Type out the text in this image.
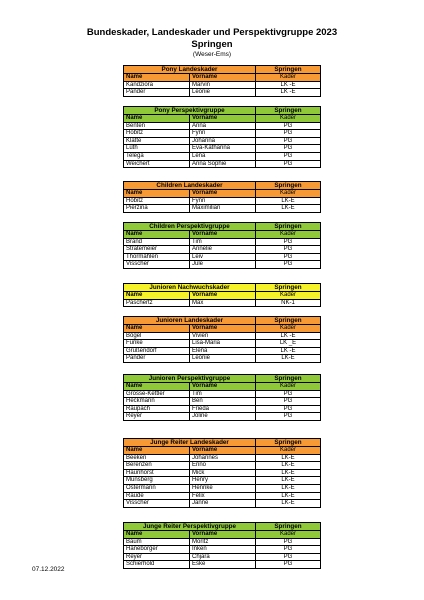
Bundeskader, Landeskader und Perspektivgruppe 2023
Springen
(Weser-Ems)
Pony Landeskader		Springen
Name	Vorname	Kader
Kandziora	Marvin	LK -E
Pander	Leonie	LK -E
Pony Perspektivgruppe		Springen
Name	Vorname	Kader
Benten	Anna	PG
Hobitz	Fynn	PG
Klatte	Johanna	PG
Lüth	Eva-Katharina	PG
Telega	Lena	PG
Weichert	Anna Sophie	PG
Children Landeskader		Springen
Name	Vorname	Kader
Hobitz	Fynn	LK-E
Pierzina	Maximilian	LK-E
Children Perspektivgruppe		Springen
Name	Vorname	Kader
Brand	Tim	PG
Stratemeier	Annelie	PG
Thormählen	Leiv	PG
Visscher	Jule	PG
Junioren Nachwuchskader		Springen
Name	Vorname	Kader
Paschertz	Max	NK-1
Junioren Landeskader		Springen
Name	Vorname	Kader
Bögel	Vivien	LK -E
Funke	Lisa-Maria	LK _E
Grußendorf	Elena	LK -E
Pander	Leonie	LK-E
Junioren Perspektivgruppe		Springen
Name	Vorname	Kader
Grosse-Kettler	Tim	PG
Heckmann	Ben	PG
Raupach	Frieda	PG
Reyer	Joline	PG
Junge Reiter Landeskader		Springen
Name	Vorname	Kader
Beeken	Johannes	LK-E
Berenzen	Enno	LK-E
Haunhorst	Mick	LK-E
Munsberg	Henry	LK-E
Ostermann	Henrike	LK-E
Raude	Felix	LK-E
Visscher	Janne	LK-E
Junge Reiter Perspektivgruppe		Springen
Name	Vorname	Kader
Baum	Moritz	PG
Haneborger	Inken	PG
Reyer	Chjara	PG
Schierhold	Eske	PG
07.12.2022
